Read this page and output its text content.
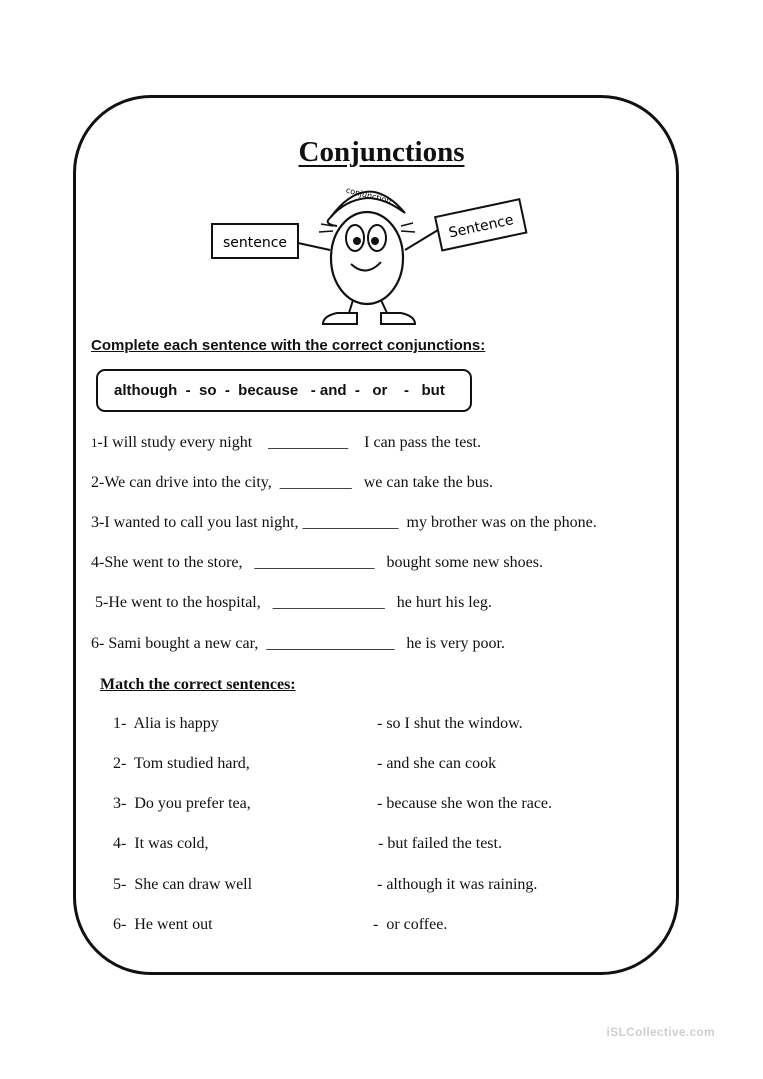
Conjunctions
sentence
Sentence
conjunction
Complete each sentence with the correct conjunctions:
although  -  so  -  because   - and  -   or    -   but
1-I will study every night    __________    I can pass the test.
2-We can drive into the city,  _________   we can take the bus.
3-I wanted to call you last night, ____________  my brother was on the phone.
4-She went to the store,   _______________   bought some new shoes.
5-He went to the hospital,   ______________   he hurt his leg.
6- Sami bought a new car,  ________________   he is very poor.
Match the correct sentences:
1-  Alia is happy	- so I shut the window.
2-  Tom studied hard,	- and she can cook
3-  Do you prefer tea,	- because she won the race.
4-  It was cold,	- but failed the test.
5-  She can draw well	- although it was raining.
6-  He went out	-  or coffee.
iSLCollective.com
